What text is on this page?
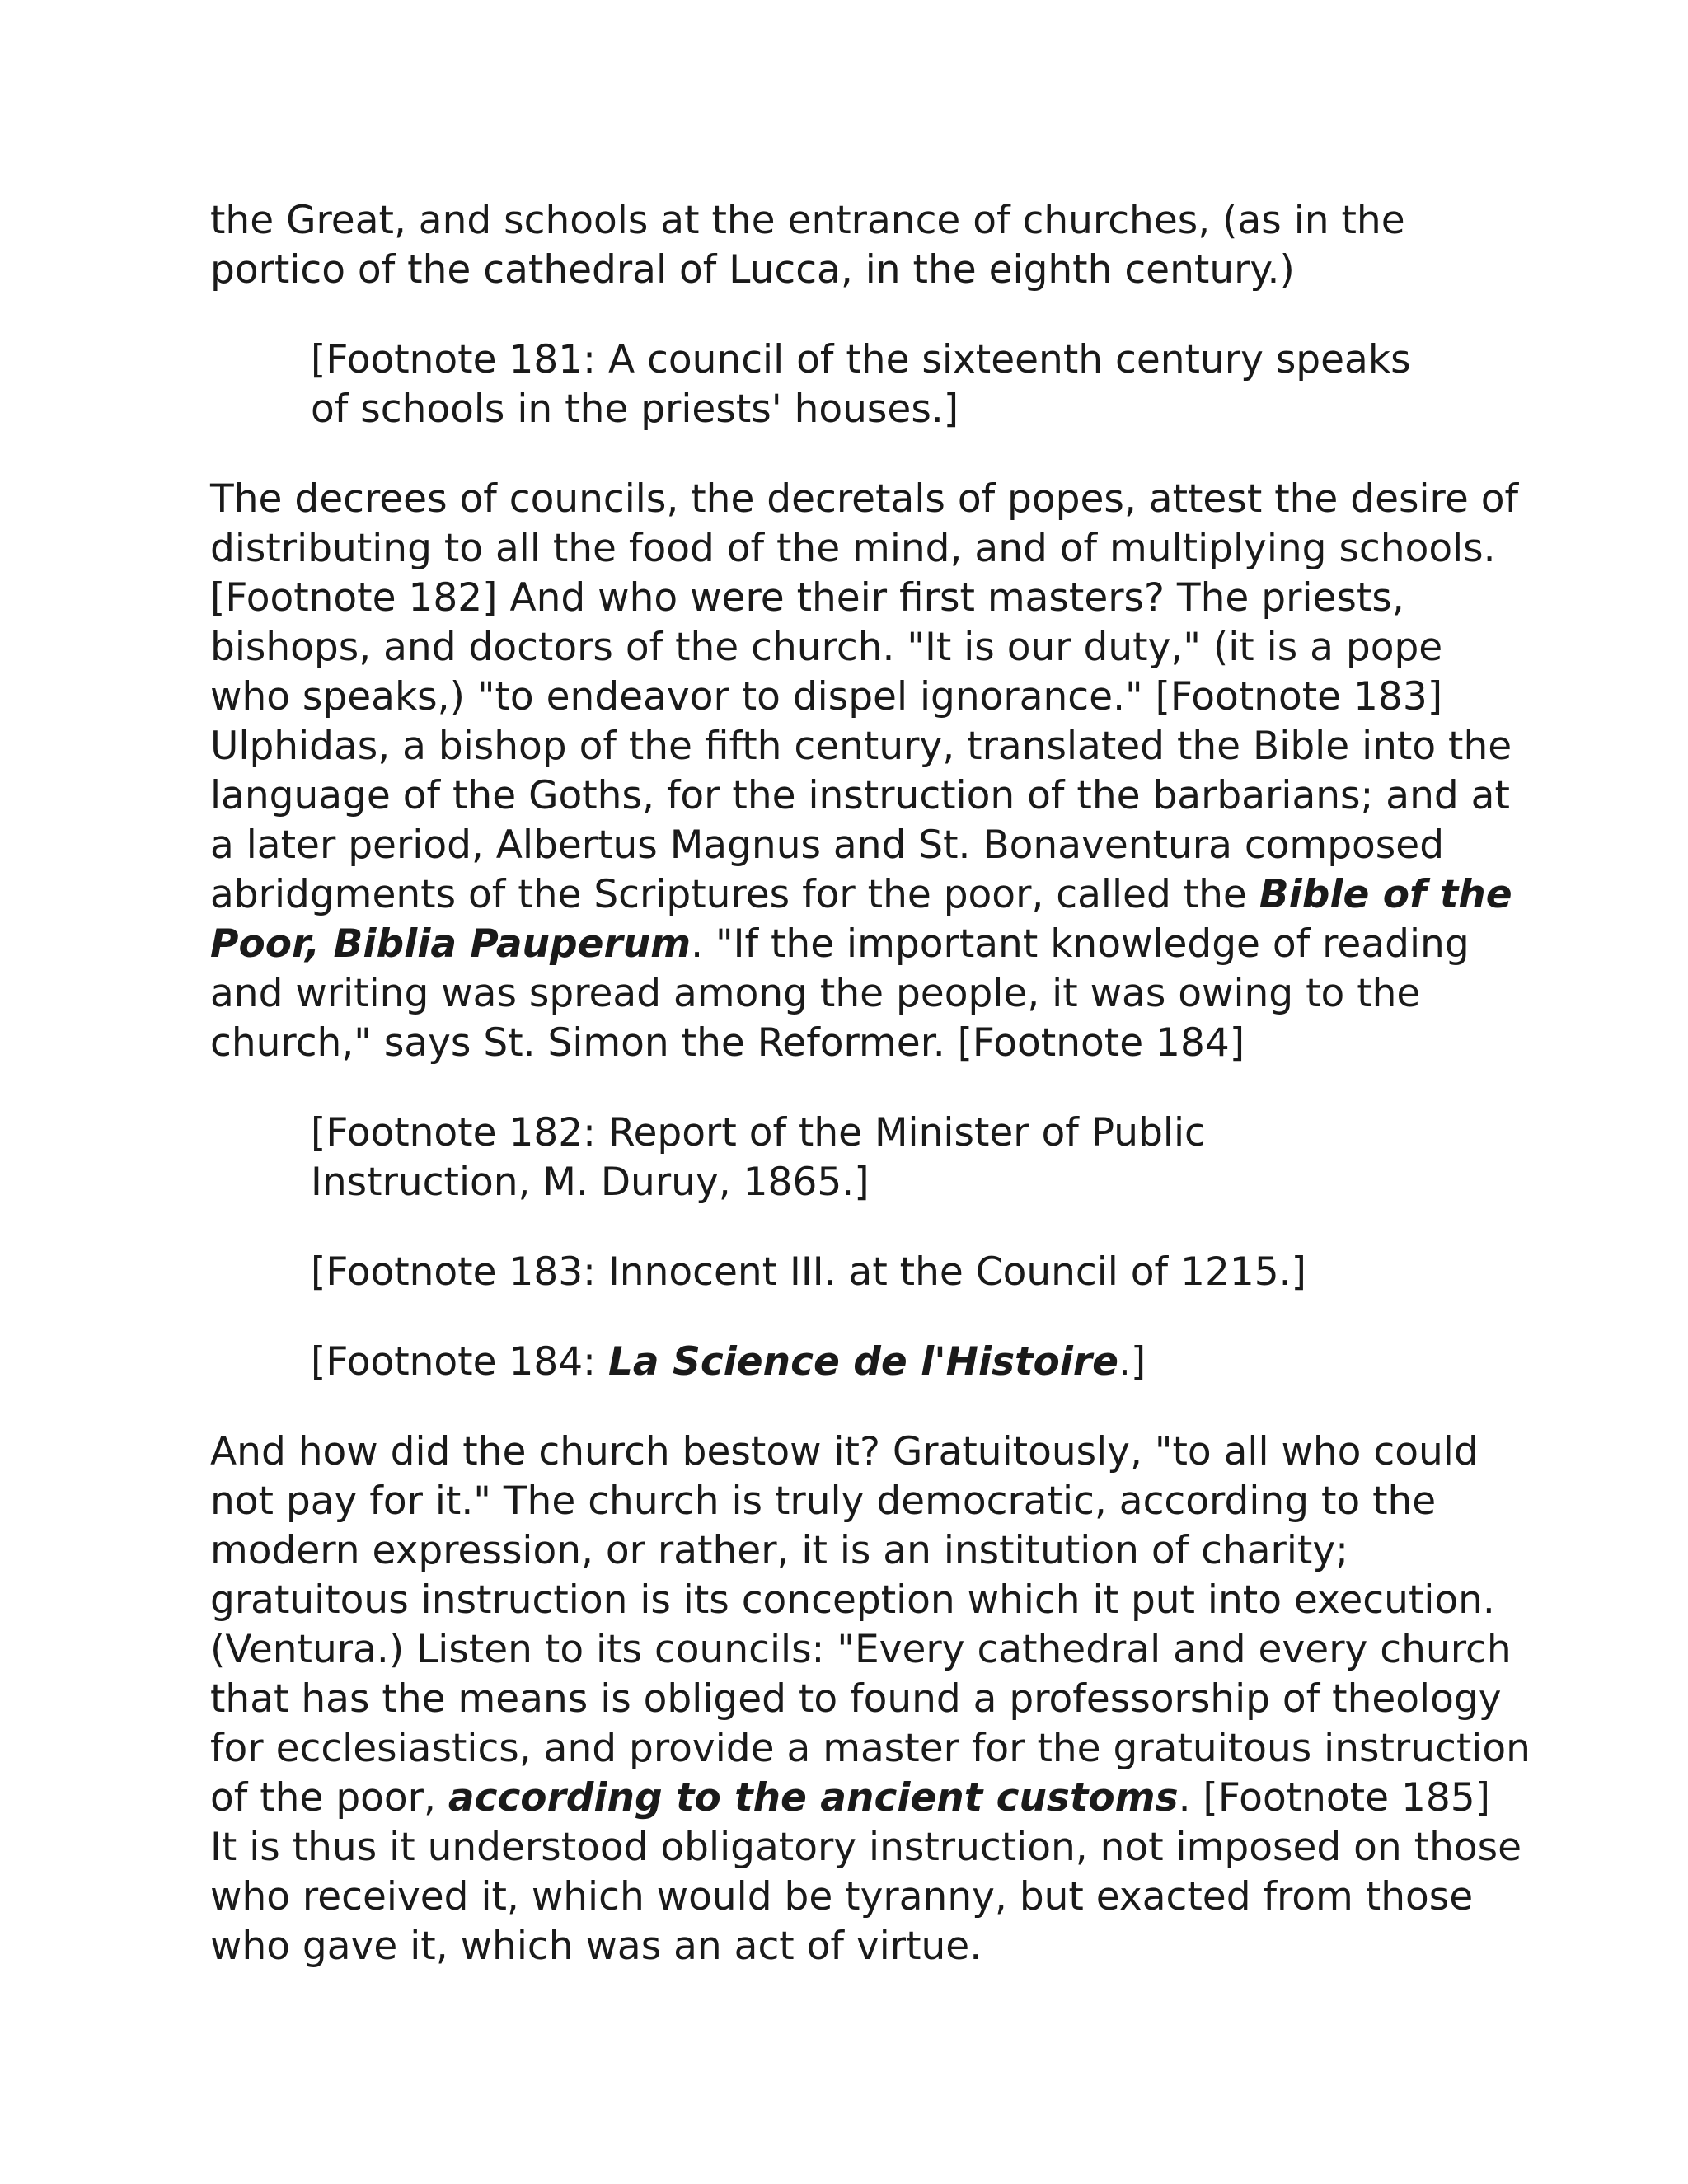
the Great, and schools at the entrance of churches, (as in the
portico of the cathedral of Lucca, in the eighth century.)
[Footnote 181: A council of the sixteenth century speaks
of schools in the priests' houses.]
The decrees of councils, the decretals of popes, attest the desire of
distributing to all the food of the mind, and of multiplying schools.
[Footnote 182] And who were their first masters? The priests,
bishops, and doctors of the church. "It is our duty," (it is a pope
who speaks,) "to endeavor to dispel ignorance." [Footnote 183]
Ulphidas, a bishop of the fifth century, translated the Bible into the
language of the Goths, for the instruction of the barbarians; and at
a later period, Albertus Magnus and St. Bonaventura composed
abridgments of the Scriptures for the poor, called the Bible of the
Poor, Biblia Pauperum. "If the important knowledge of reading
and writing was spread among the people, it was owing to the
church," says St. Simon the Reformer. [Footnote 184]
[Footnote 182: Report of the Minister of Public
Instruction, M. Duruy, 1865.]
[Footnote 183: Innocent III. at the Council of 1215.]
[Footnote 184: La Science de l'Histoire.]
And how did the church bestow it? Gratuitously, "to all who could
not pay for it." The church is truly democratic, according to the
modern expression, or rather, it is an institution of charity;
gratuitous instruction is its conception which it put into execution.
(Ventura.) Listen to its councils: "Every cathedral and every church
that has the means is obliged to found a professorship of theology
for ecclesiastics, and provide a master for the gratuitous instruction
of the poor, according to the ancient customs. [Footnote 185]
It is thus it understood obligatory instruction, not imposed on those
who received it, which would be tyranny, but exacted from those
who gave it, which was an act of virtue.
